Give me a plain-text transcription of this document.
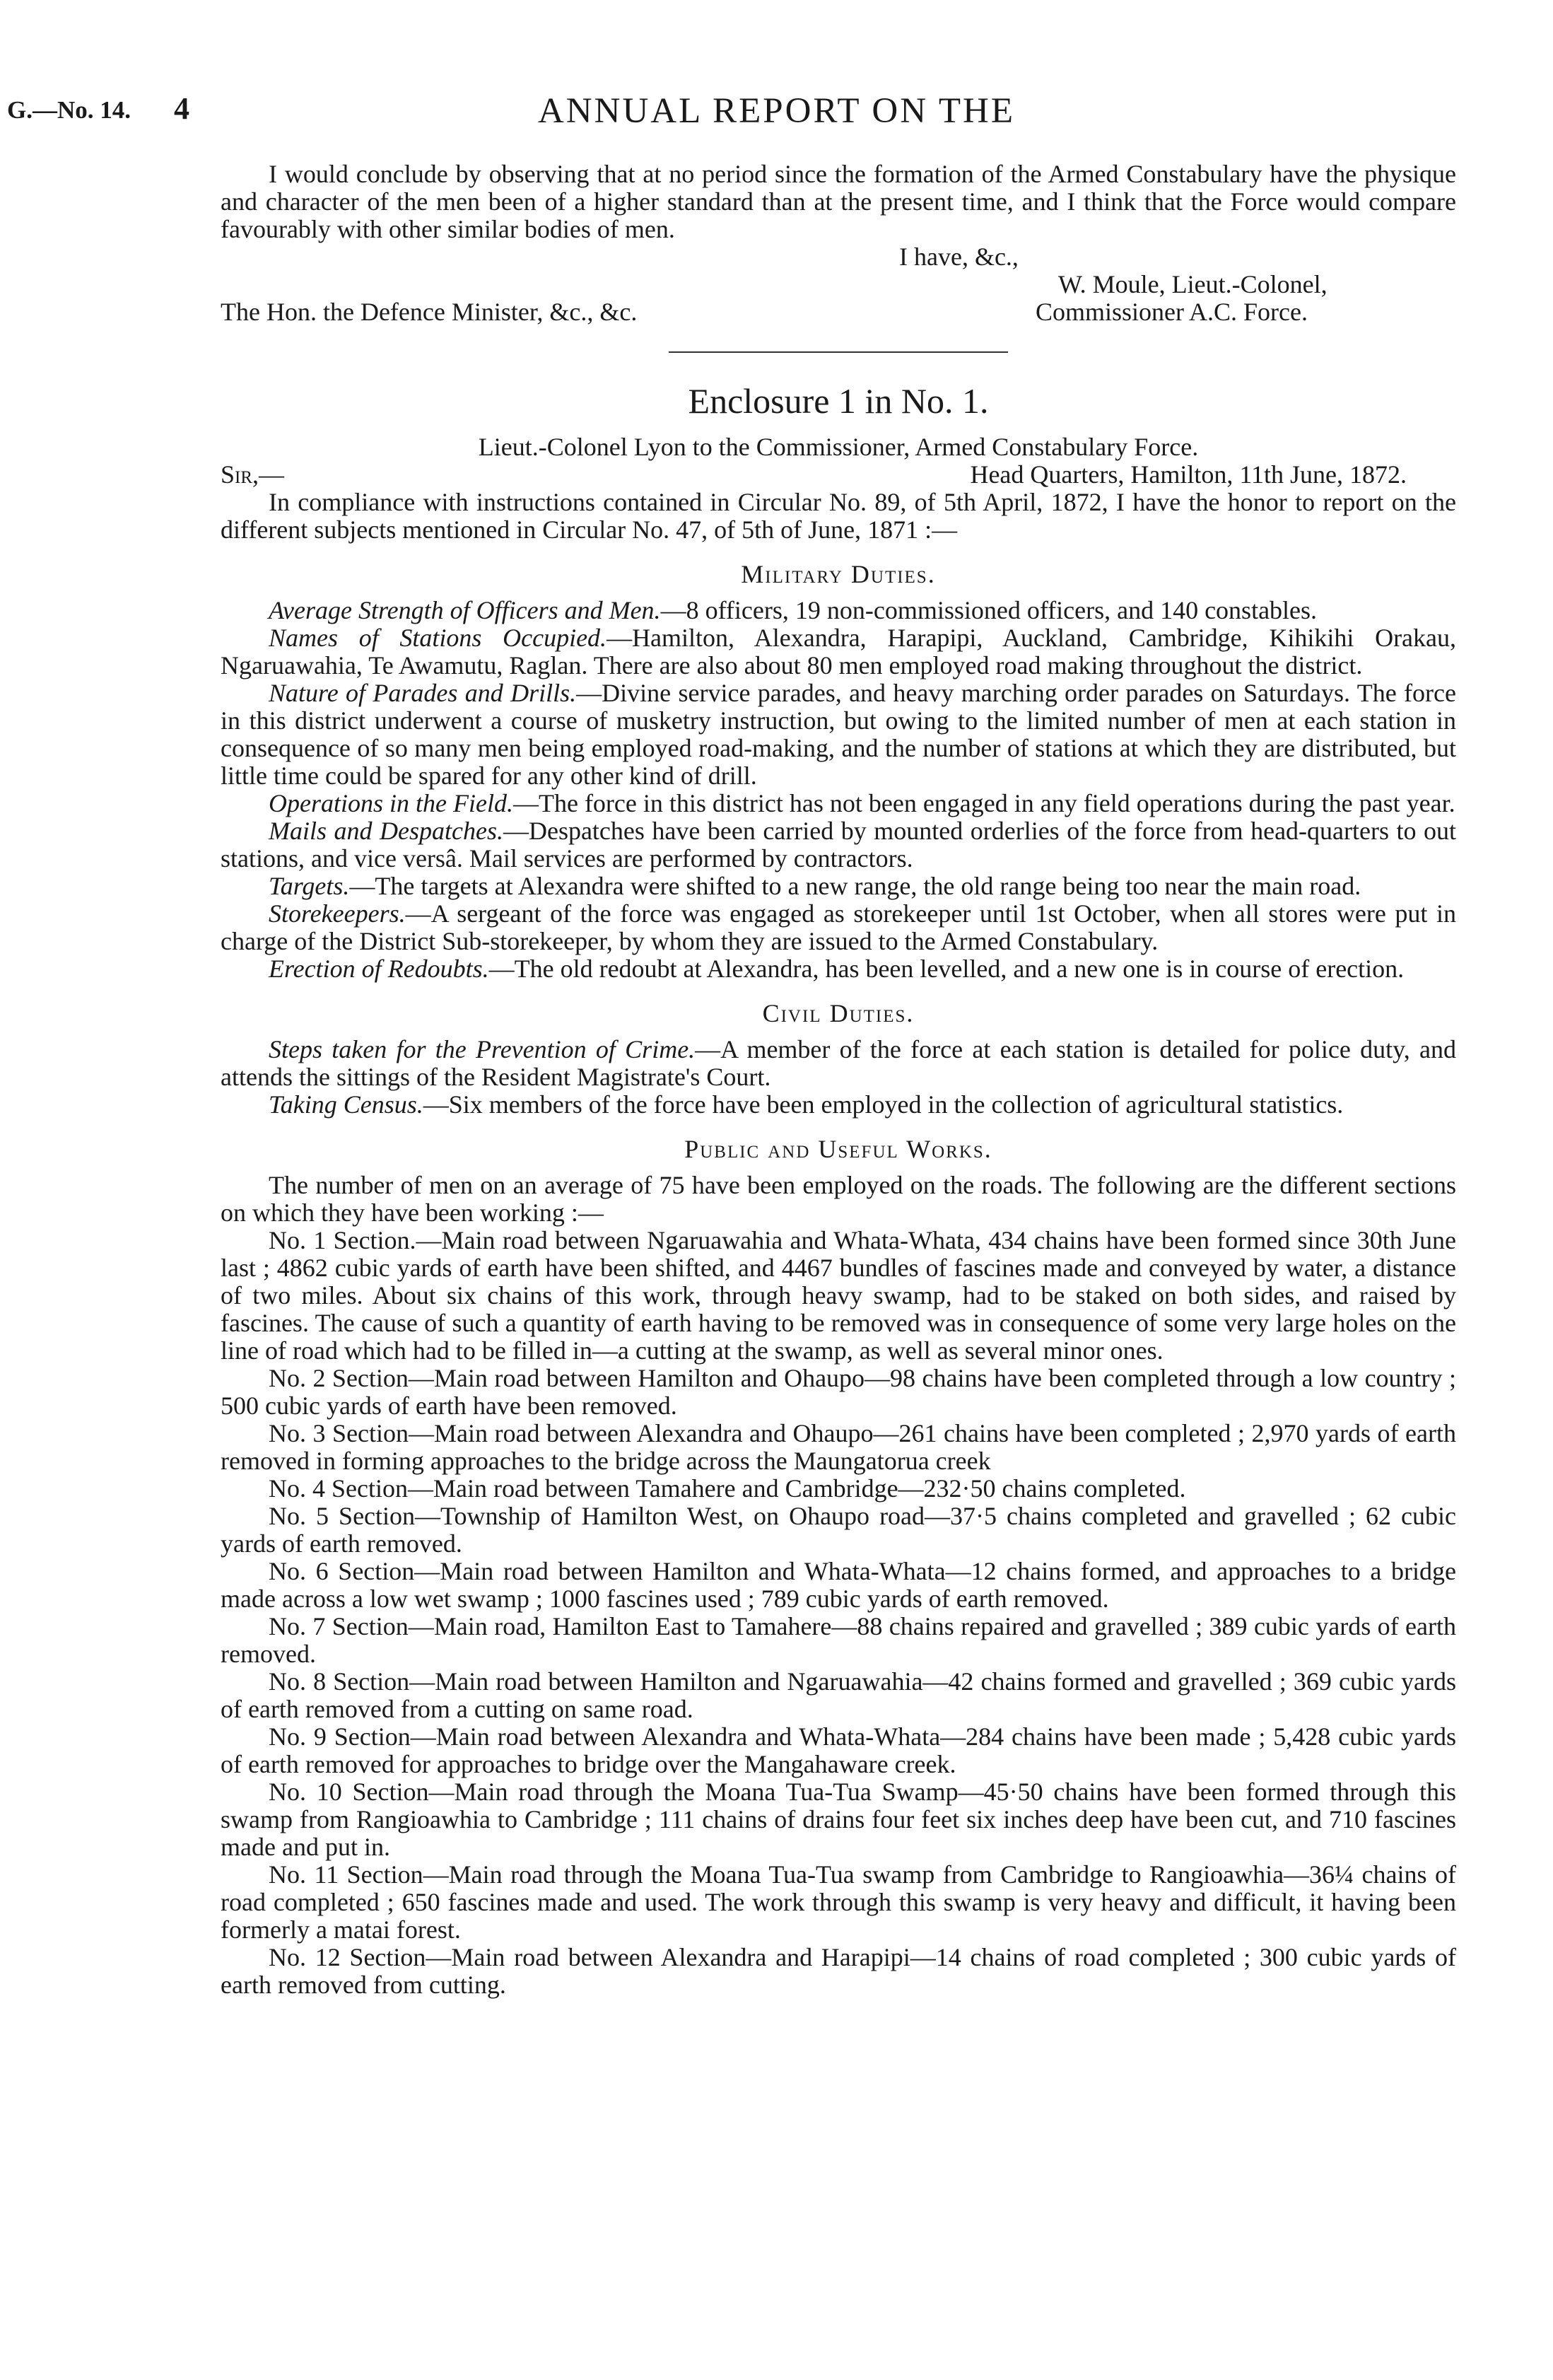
G.—No. 14. 4	ANNUAL REPORT ON THE

I would conclude by observing that at no period since the formation of the Armed Constabulary have the physique and character of the men been of a higher standard than at the present time, and I think that the Force would compare favourably with other similar bodies of men.

I have, &c.,
W. Moule, Lieut.-Colonel,
The Hon. the Defence Minister, &c., &c.	Commissioner A.C. Force.
Enclosure 1 in No. 1.
Lieut.-Colonel Lyon to the Commissioner, Armed Constabulary Force.
Sir,—	Head Quarters, Hamilton, 11th June, 1872.

In compliance with instructions contained in Circular No. 89, of 5th April, 1872, I have the honor to report on the different subjects mentioned in Circular No. 47, of 5th of June, 1871 :—

Military Duties.

Average Strength of Officers and Men.—8 officers, 19 non-commissioned officers, and 140 constables.

Names of Stations Occupied.—Hamilton, Alexandra, Harapipi, Auckland, Cambridge, Kihikihi Orakau, Ngaruawahia, Te Awamutu, Raglan. There are also about 80 men employed road making throughout the district.

Nature of Parades and Drills.—Divine service parades, and heavy marching order parades on Saturdays. The force in this district underwent a course of musketry instruction, but owing to the limited number of men at each station in consequence of so many men being employed road-making, and the number of stations at which they are distributed, but little time could be spared for any other kind of drill.

Operations in the Field.—The force in this district has not been engaged in any field operations during the past year.

Mails and Despatches.—Despatches have been carried by mounted orderlies of the force from head-quarters to out stations, and vice versâ. Mail services are performed by contractors.

Targets.—The targets at Alexandra were shifted to a new range, the old range being too near the main road.

Storekeepers.—A sergeant of the force was engaged as storekeeper until 1st October, when all stores were put in charge of the District Sub-storekeeper, by whom they are issued to the Armed Constabulary.

Erection of Redoubts.—The old redoubt at Alexandra, has been levelled, and a new one is in course of erection.

Civil Duties.

Steps taken for the Prevention of Crime.—A member of the force at each station is detailed for police duty, and attends the sittings of the Resident Magistrate's Court.

Taking Census.—Six members of the force have been employed in the collection of agricultural statistics.

Public and Useful Works.

The number of men on an average of 75 have been employed on the roads. The following are the different sections on which they have been working :—

No. 1 Section.—Main road between Ngaruawahia and Whata-Whata, 434 chains have been formed since 30th June last ; 4862 cubic yards of earth have been shifted, and 4467 bundles of fascines made and conveyed by water, a distance of two miles. About six chains of this work, through heavy swamp, had to be staked on both sides, and raised by fascines. The cause of such a quantity of earth having to be removed was in consequence of some very large holes on the line of road which had to be filled in—a cutting at the swamp, as well as several minor ones.

No. 2 Section—Main road between Hamilton and Ohaupo—98 chains have been completed through a low country ; 500 cubic yards of earth have been removed.

No. 3 Section—Main road between Alexandra and Ohaupo—261 chains have been completed ; 2,970 yards of earth removed in forming approaches to the bridge across the Maungatorua creek

No. 4 Section—Main road between Tamahere and Cambridge—232·50 chains completed.

No. 5 Section—Township of Hamilton West, on Ohaupo road—37·5 chains completed and gravelled ; 62 cubic yards of earth removed.

No. 6 Section—Main road between Hamilton and Whata-Whata—12 chains formed, and approaches to a bridge made across a low wet swamp ; 1000 fascines used ; 789 cubic yards of earth removed.

No. 7 Section—Main road, Hamilton East to Tamahere—88 chains repaired and gravelled ; 389 cubic yards of earth removed.

No. 8 Section—Main road between Hamilton and Ngaruawahia—42 chains formed and gravelled ; 369 cubic yards of earth removed from a cutting on same road.

No. 9 Section—Main road between Alexandra and Whata-Whata—284 chains have been made ; 5,428 cubic yards of earth removed for approaches to bridge over the Mangahaware creek.

No. 10 Section—Main road through the Moana Tua-Tua Swamp—45·50 chains have been formed through this swamp from Rangioawhia to Cambridge ; 111 chains of drains four feet six inches deep have been cut, and 710 fascines made and put in.

No. 11 Section—Main road through the Moana Tua-Tua swamp from Cambridge to Rangioawhia—36¼ chains of road completed ; 650 fascines made and used. The work through this swamp is very heavy and difficult, it having been formerly a matai forest.

No. 12 Section—Main road between Alexandra and Harapipi—14 chains of road completed ; 300 cubic yards of earth removed from cutting.
